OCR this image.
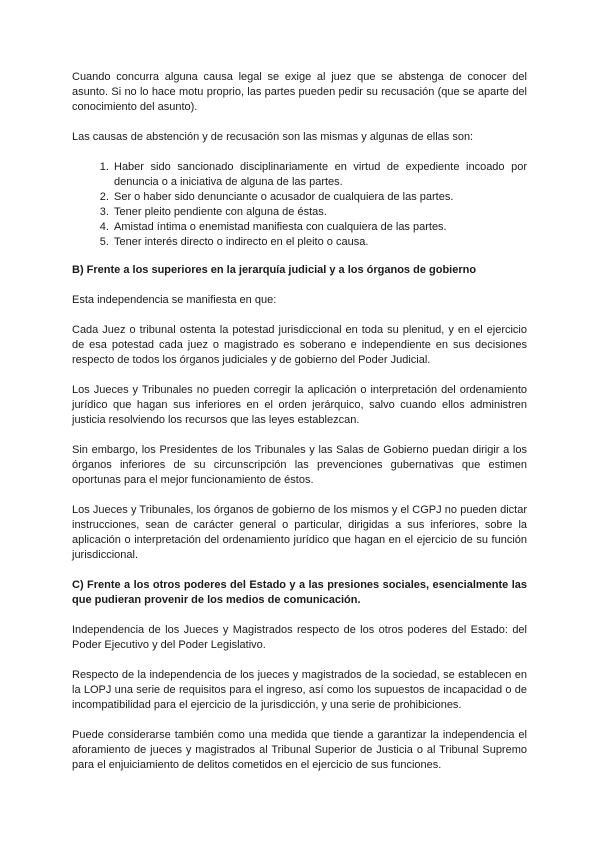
Cuando concurra alguna causa legal se exige al juez que se abstenga de conocer del asunto. Si no lo hace motu proprio, las partes pueden pedir su recusación (que se aparte del conocimiento del asunto).

Las causas de abstención y de recusación son las mismas y algunas de ellas son:

1. Haber sido sancionado disciplinariamente en virtud de expediente incoado por denuncia o a iniciativa de alguna de las partes.
2. Ser o haber sido denunciante o acusador de cualquiera de las partes.
3. Tener pleito pendiente con alguna de éstas.
4. Amistad íntima o enemistad manifiesta con cualquiera de las partes.
5. Tener interés directo o indirecto en el pleito o causa.
B) Frente a los superiores en la jerarquía judicial y a los órganos de gobierno

Esta independencia se manifiesta en que:

Cada Juez o tribunal ostenta la potestad jurisdiccional en toda su plenitud, y en el ejercicio de esa potestad cada juez o magistrado es soberano e independiente en sus decisiones respecto de todos los órganos judiciales y de gobierno del Poder Judicial.

Los Jueces y Tribunales no pueden corregir la aplicación o interpretación del ordenamiento jurídico que hagan sus inferiores en el orden jerárquico, salvo cuando ellos administren justicia resolviendo los recursos que las leyes establezcan.

Sin embargo, los Presidentes de los Tribunales y las Salas de Gobierno puedan dirigir a los órganos inferiores de su circunscripción las prevenciones gubernativas que estimen oportunas para el mejor funcionamiento de éstos.

Los Jueces y Tribunales, los órganos de gobierno de los mismos y el CGPJ no pueden dictar instrucciones, sean de carácter general o particular, dirigidas a sus inferiores, sobre la aplicación o interpretación del ordenamiento jurídico que hagan en el ejercicio de su función jurisdiccional.

C) Frente a los otros poderes del Estado y a las presiones sociales, esencialmente las que pudieran provenir de los medios de comunicación.

Independencia de los Jueces y Magistrados respecto de los otros poderes del Estado: del Poder Ejecutivo y del Poder Legislativo.

Respecto de la independencia de los jueces y magistrados de la sociedad, se establecen en la LOPJ una serie de requisitos para el ingreso, así como los supuestos de incapacidad o de incompatibilidad para el ejercicio de la jurisdicción, y una serie de prohibiciones.

Puede considerarse también como una medida que tiende a garantizar la independencia el aforamiento de jueces y magistrados al Tribunal Superior de Justicia o al Tribunal Supremo para el enjuiciamiento de delitos cometidos en el ejercicio de sus funciones.
